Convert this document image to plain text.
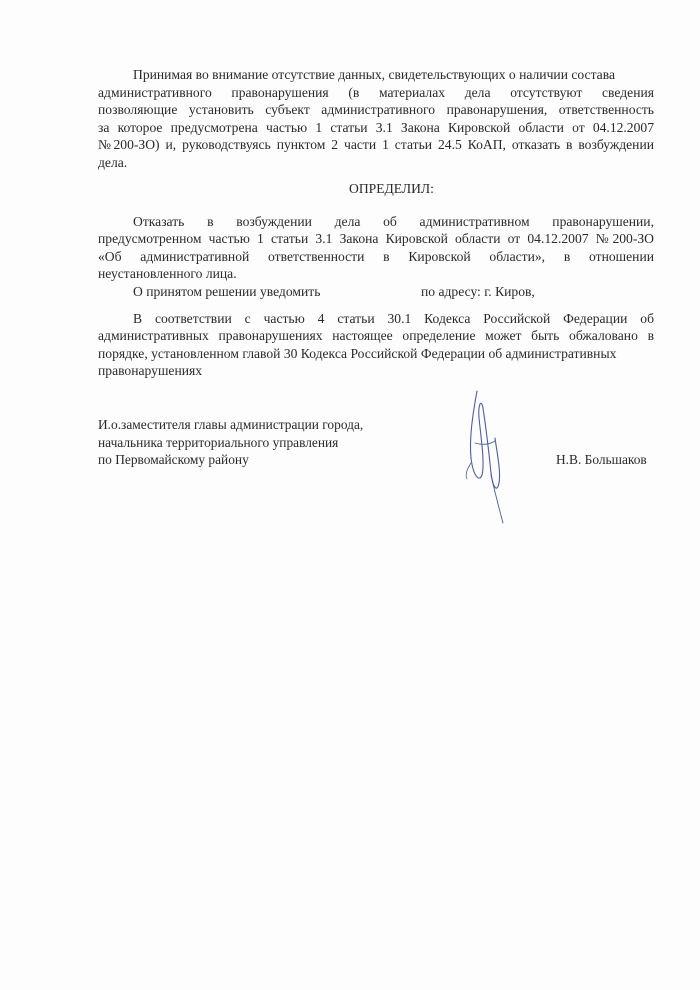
Принимая во внимание отсутствие данных, свидетельствующих о наличии состава
административного правонарушения (в материалах дела отсутствуют сведения
позволяющие установить субъект административного правонарушения, ответственность
за которое предусмотрена частью 1 статьи 3.1 Закона Кировской области от 04.12.2007
№200-ЗО) и, руководствуясь пунктом 2 части 1 статьи 24.5 КоАП, отказать в возбуждении
дела.
ОПРЕДЕЛИЛ:
Отказать в возбуждении дела об административном правонарушении,
предусмотренном частью 1 статьи 3.1 Закона Кировской области от 04.12.2007 №200-ЗО
«Об административной ответственности в Кировской области», в отношении
неустановленного лица.
О принятом решении уведомить	по адресу: г. Киров,
В соответствии с частью 4 статьи 30.1 Кодекса Российской Федерации об
административных правонарушениях настоящее определение может быть обжаловано в
порядке, установленном главой 30 Кодекса Российской Федерации об административных
правонарушениях
И.о.заместителя главы администрации города,
начальника территориального управления
по Первомайскому району	Н.В. Большаков
